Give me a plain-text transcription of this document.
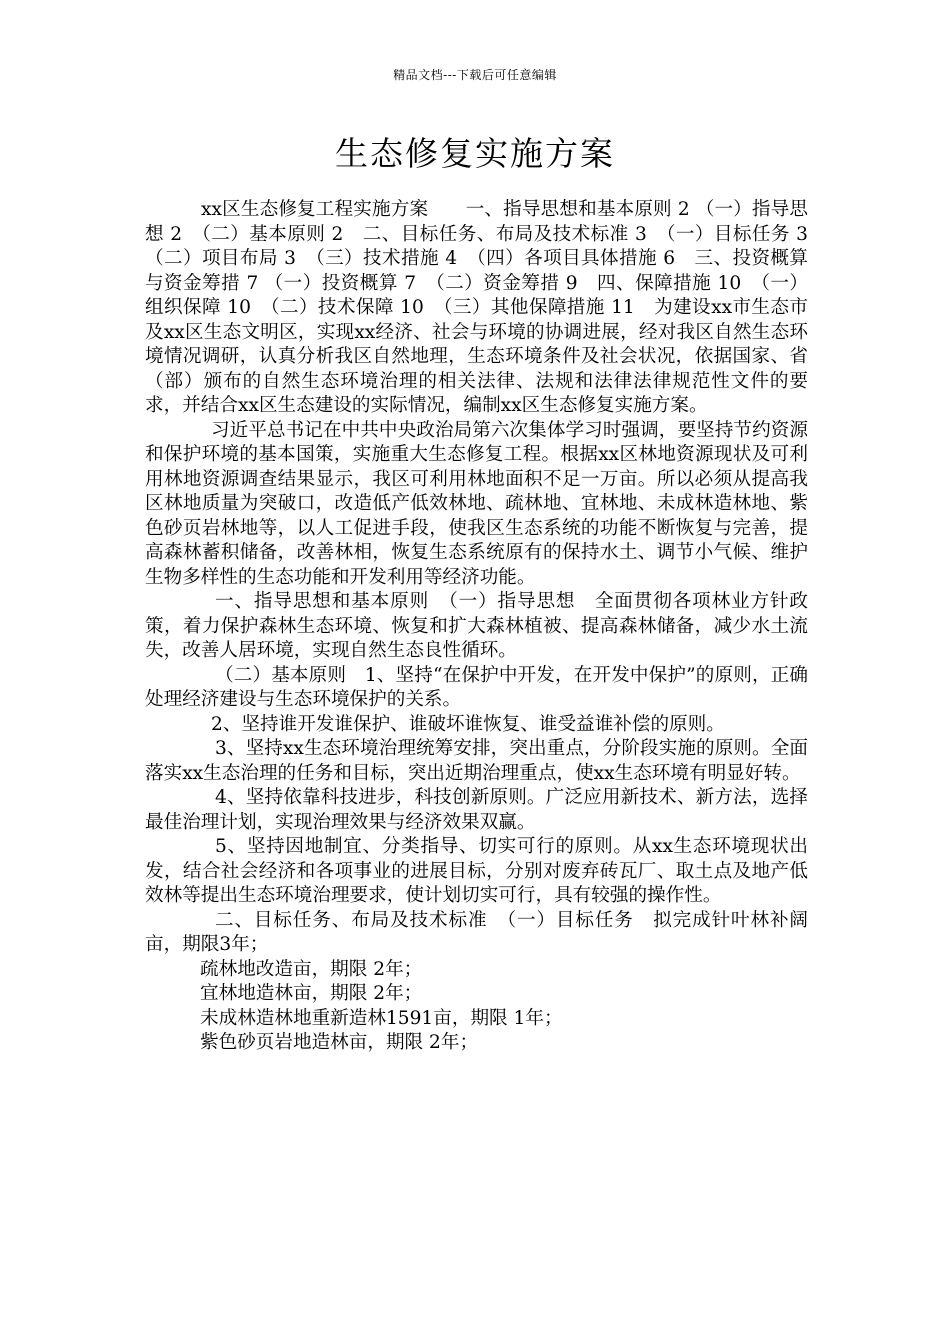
精品文档---下载后可任意编辑
生态修复实施方案

xx区生态修复工程实施方案　　一、指导思想和基本原则 2 （一）指导思想 2　（二）基本原则 2　二、目标任务、布局及技术标准 3　（一）目标任务 3　（二）项目布局 3　（三）技术措施 4　（四）各项目具体措施 6　三、投资概算与资金筹措 7 （一）投资概算 7　（二）资金筹措 9　四、保障措施 10　（一）组织保障 10　（二）技术保障 10　（三）其他保障措施 11　为建设xx市生态市及xx区生态文明区，实现xx经济、社会与环境的协调进展，经对我区自然生态环境情况调研，认真分析我区自然地理，生态环境条件及社会状况，依据国家、省（部）颁布的自然生态环境治理的相关法律、法规和法律法律规范性文件的要求，并结合xx区生态建设的实际情况，编制xx区生态修复实施方案。

习近平总书记在中共中央政治局第六次集体学习时强调，要坚持节约资源和保护环境的基本国策，实施重大生态修复工程。根据xx区林地资源现状及可利用林地资源调查结果显示，我区可利用林地面积不足一万亩。所以必须从提高我区林地质量为突破口，改造低产低效林地、疏林地、宜林地、未成林造林地、紫色砂页岩林地等，以人工促进手段，使我区生态系统的功能不断恢复与完善，提高森林蓄积储备，改善林相，恢复生态系统原有的保持水土、调节小气候、维护生物多样性的生态功能和开发利用等经济功能。

一、指导思想和基本原则　（一）指导思想　全面贯彻各项林业方针政策，着力保护森林生态环境、恢复和扩大森林植被、提高森林储备，减少水土流失，改善人居环境，实现自然生态良性循环。

（二）基本原则　1、坚持“在保护中开发，在开发中保护”的原则，正确处理经济建设与生态环境保护的关系。

2、坚持谁开发谁保护、谁破坏谁恢复、谁受益谁补偿的原则。

3、坚持xx生态环境治理统筹安排，突出重点，分阶段实施的原则。全面落实xx生态治理的任务和目标，突出近期治理重点，使xx生态环境有明显好转。

4、坚持依靠科技进步，科技创新原则。广泛应用新技术、新方法，选择最佳治理计划，实现治理效果与经济效果双赢。

5、坚持因地制宜、分类指导、切实可行的原则。从xx生态环境现状出发，结合社会经济和各项事业的进展目标，分别对废弃砖瓦厂、取土点及地产低效林等提出生态环境治理要求，使计划切实可行，具有较强的操作性。

二、目标任务、布局及技术标准　（一）目标任务　拟完成针叶林补阔 亩，期限3年；

疏林地改造亩，期限 2年；

宜林地造林亩，期限 2年；

未成林造林地重新造林1591亩，期限 1年；

紫色砂页岩地造林亩，期限 2年；
